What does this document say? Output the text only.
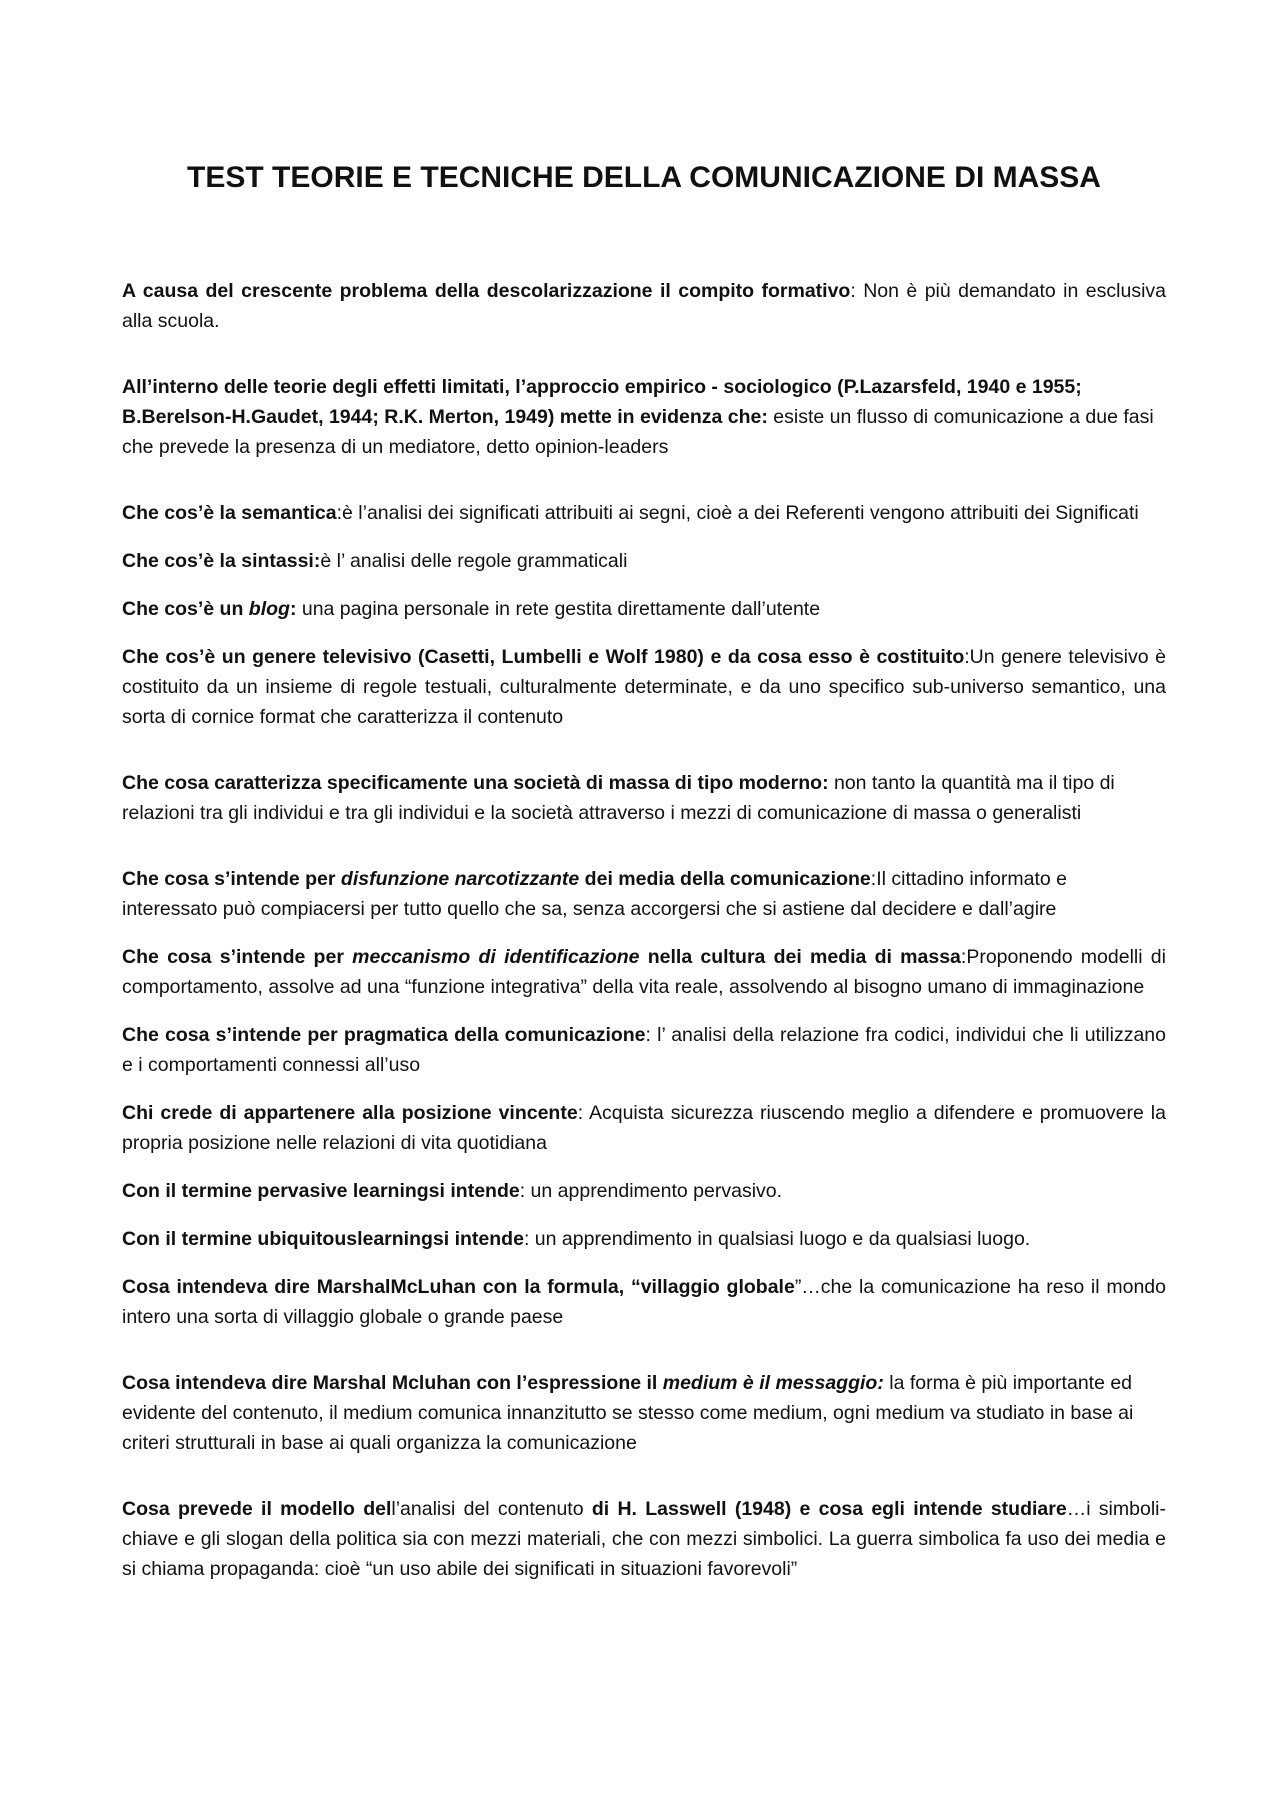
TEST TEORIE E TECNICHE DELLA COMUNICAZIONE DI MASSA

A causa del crescente problema della descolarizzazione il compito formativo: Non è più demandato in esclusiva alla scuola.

All’interno delle teorie degli effetti limitati, l’approccio empirico - sociologico (P.Lazarsfeld, 1940 e 1955; B.Berelson-H.Gaudet, 1944; R.K. Merton, 1949) mette in evidenza che: esiste un flusso di comunicazione a due fasi che prevede la presenza di un mediatore, detto opinion-leaders

Che cos’è la semantica:è l’analisi dei significati attribuiti ai segni, cioè a dei Referenti vengono attribuiti dei Significati

Che cos’è la sintassi:è l’ analisi delle regole grammaticali

Che cos’è un blog: una pagina personale in rete gestita direttamente dall’utente

Che cos’è un genere televisivo (Casetti, Lumbelli e Wolf 1980) e da cosa esso è costituito:Un genere televisivo è costituito da un insieme di regole testuali, culturalmente determinate, e da uno specifico sub-universo semantico, una sorta di cornice format che caratterizza il contenuto

Che cosa caratterizza specificamente una società di massa di tipo moderno: non tanto la quantità ma il tipo di relazioni tra gli individui e tra gli individui e la società attraverso i mezzi di comunicazione di massa o generalisti

Che cosa s’intende per disfunzione narcotizzante dei media della comunicazione:Il cittadino informato e interessato può compiacersi per tutto quello che sa, senza accorgersi che si astiene dal decidere e dall’agire

Che cosa s’intende per meccanismo di identificazione nella cultura dei media di massa:Proponendo modelli di comportamento, assolve ad una “funzione integrativa” della vita reale, assolvendo al bisogno umano di immaginazione

Che cosa s’intende per pragmatica della comunicazione: l’ analisi della relazione fra codici, individui che li utilizzano e i comportamenti connessi all’uso

Chi crede di appartenere alla posizione vincente: Acquista sicurezza riuscendo meglio a difendere e promuovere la propria posizione nelle relazioni di vita quotidiana

Con il termine pervasive learningsi intende: un apprendimento pervasivo.

Con il termine ubiquitouslearningsi intende: un apprendimento in qualsiasi luogo e da qualsiasi luogo.

Cosa intendeva dire MarshalMcLuhan con la formula, “villaggio globale”…che la comunicazione ha reso il mondo intero una sorta di villaggio globale o grande paese

Cosa intendeva dire Marshal Mcluhan con l’espressione il medium è il messaggio: la forma è più importante ed evidente del contenuto, il medium comunica innanzitutto se stesso come medium, ogni medium va studiato in base ai criteri strutturali in base ai quali organizza la comunicazione

Cosa prevede il modello dell’analisi del contenuto di H. Lasswell (1948) e cosa egli intende studiare…i simboli-chiave e gli slogan della politica sia con mezzi materiali, che con mezzi simbolici. La guerra simbolica fa uso dei media e si chiama propaganda: cioè “un uso abile dei significati in situazioni favorevoli”
